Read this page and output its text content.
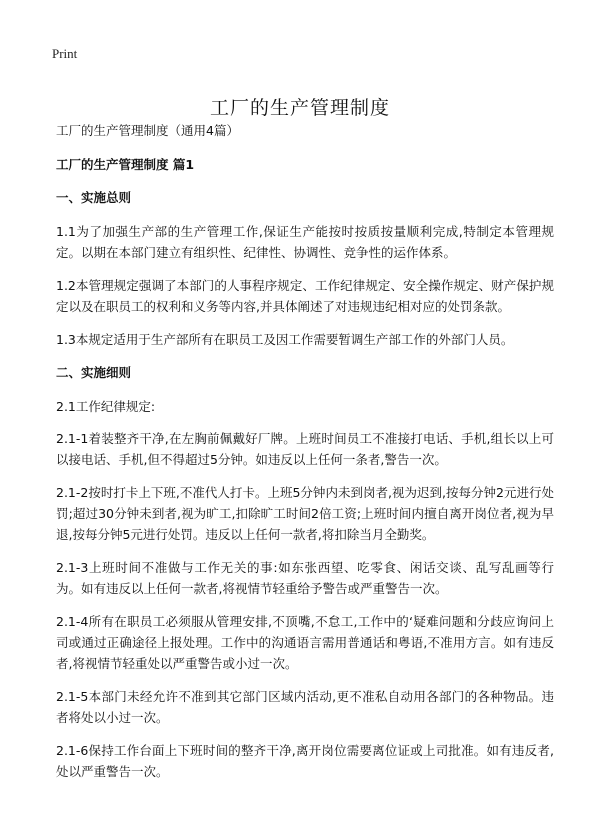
Print
工厂的生产管理制度

工厂的生产管理制度（通用4篇）

工厂的生产管理制度 篇1

一、实施总则

1.1为了加强生产部的生产管理工作,保证生产能按时按质按量顺利完成,特制定本管理规定。以期在本部门建立有组织性、纪律性、协调性、竞争性的运作体系。

1.2本管理规定强调了本部门的人事程序规定、工作纪律规定、安全操作规定、财产保护规定以及在职员工的权利和义务等内容,并具体阐述了对违规违纪相对应的处罚条款。

1.3本规定适用于生产部所有在职员工及因工作需要暂调生产部工作的外部门人员。

二、实施细则

2.1工作纪律规定:

2.1-1着装整齐干净,在左胸前佩戴好厂牌。上班时间员工不准接打电话、手机,组长以上可以接电话、手机,但不得超过5分钟。如违反以上任何一条者,警告一次。

2.1-2按时打卡上下班,不准代人打卡。上班5分钟内未到岗者,视为迟到,按每分钟2元进行处罚;超过30分钟未到者,视为旷工,扣除旷工时间2倍工资;上班时间内擅自离开岗位者,视为早退,按每分钟5元进行处罚。违反以上任何一款者,将扣除当月全勤奖。

2.1-3上班时间不准做与工作无关的事:如东张西望、吃零食、闲话交谈、乱写乱画等行为。如有违反以上任何一款者,将视情节轻重给予警告或严重警告一次。

2.1-4所有在职员工必须服从管理安排,不顶嘴,不怠工,工作中的‘疑难问题和分歧应询问上司或通过正确途径上报处理。工作中的沟通语言需用普通话和粤语,不准用方言。如有违反者,将视情节轻重处以严重警告或小过一次。

2.1-5本部门未经允许不准到其它部门区域内活动,更不准私自动用各部门的各种物品。违者将处以小过一次。

2.1-6保持工作台面上下班时间的整齐干净,离开岗位需要离位证或上司批准。如有违反者,处以严重警告一次。
